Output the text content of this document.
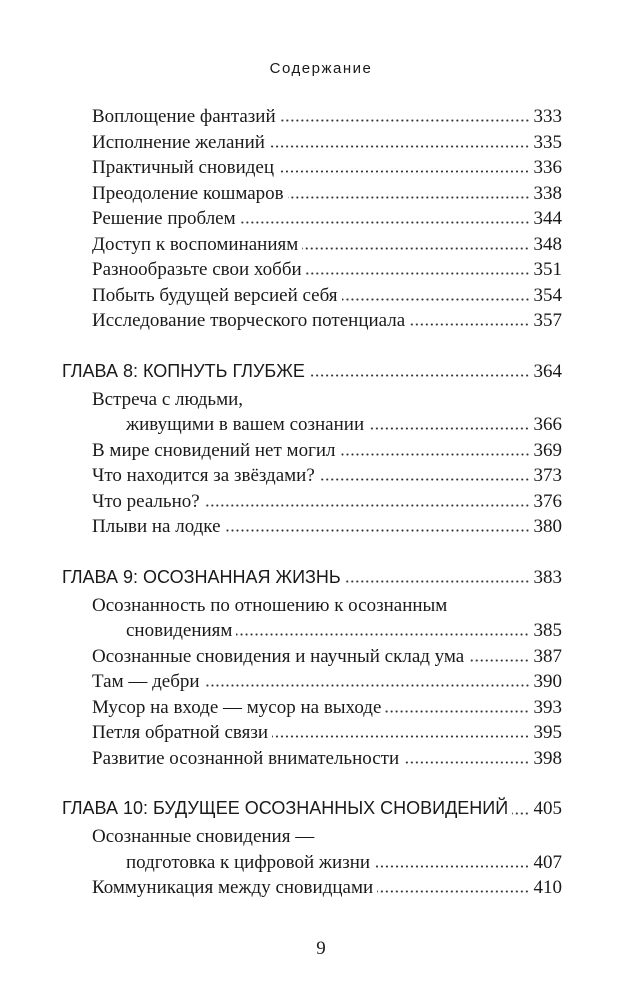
Содержание
Воплощение фантазий	333
Исполнение желаний	335
Практичный сновидец	336
Преодоление кошмаров	338
Решение проблем	344
Доступ к воспоминаниям	348
Разнообразьте свои хобби	351
Побыть будущей версией себя	354
Исследование творческого потенциала	357
ГЛАВА 8: КОПНУТЬ ГЛУБЖЕ	364
Встреча с людьми,
живущими в вашем сознании	366
В мире сновидений нет могил	369
Что находится за звёздами?	373
Что реально?	376
Плыви на лодке	380
ГЛАВА 9: ОСОЗНАННАЯ ЖИЗНЬ	383
Осознанность по отношению к осознанным
сновидениям	385
Осознанные сновидения и научный склад ума	387
Там — дебри	390
Мусор на входе — мусор на выходе	393
Петля обратной связи	395
Развитие осознанной внимательности	398
ГЛАВА 10: БУДУЩЕЕ ОСОЗНАННЫХ СНОВИДЕНИЙ 405
Осознанные сновидения —
подготовка к цифровой жизни	407
Коммуникация между сновидцами	410
9
